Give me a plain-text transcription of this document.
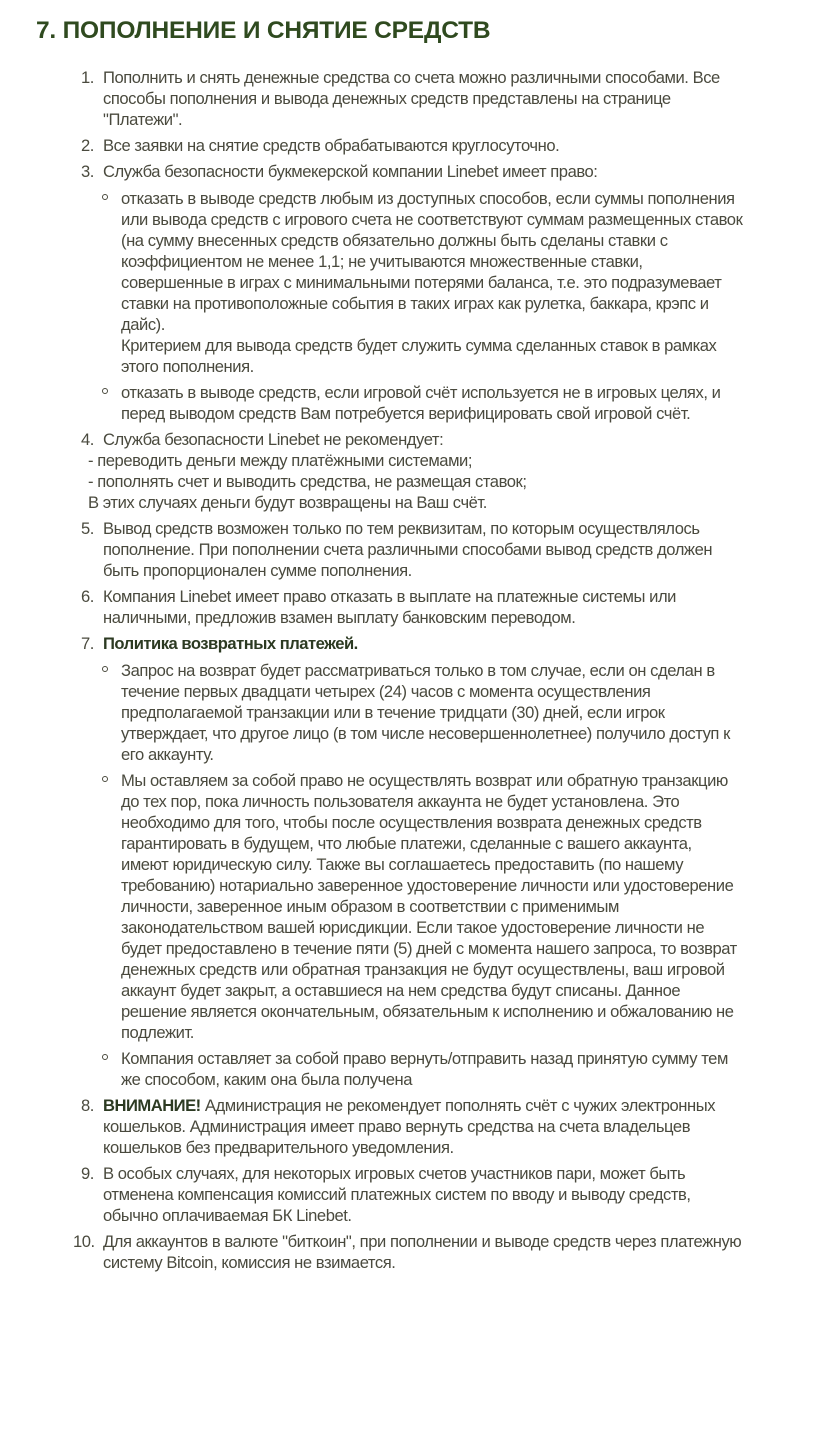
7. ПОПОЛНЕНИЕ И СНЯТИЕ СРЕДСТВ
1. Пополнить и снять денежные средства со счета можно различными способами. Все способы пополнения и вывода денежных средств представлены на странице "Платежи".
2. Все заявки на снятие средств обрабатываются круглосуточно.
3. Служба безопасности букмекерской компании Linebet имеет право:
отказать в выводе средств любым из доступных способов, если суммы пополнения или вывода средств с игрового счета не соответствуют суммам размещенных ставок (на сумму внесенных средств обязательно должны быть сделаны ставки с коэффициентом не менее 1,1; не учитываются множественные ставки, совершенные в играх с минимальными потерями баланса, т.е. это подразумевает ставки на противоположные события в таких играх как рулетка, баккара, крэпс и дайс).
Критерием для вывода средств будет служить сумма сделанных ставок в рамках этого пополнения.
отказать в выводе средств, если игровой счёт используется не в игровых целях, и перед выводом средств Вам потребуется верифицировать свой игровой счёт.
4. Служба безопасности Linebet не рекомендует:
- переводить деньги между платёжными системами;
- пополнять счет и выводить средства, не размещая ставок;
В этих случаях деньги будут возвращены на Ваш счёт.
5. Вывод средств возможен только по тем реквизитам, по которым осуществлялось пополнение. При пополнении счета различными способами вывод средств должен быть пропорционален сумме пополнения.
6. Компания Linebet имеет право отказать в выплате на платежные системы или наличными, предложив взамен выплату банковским переводом.
7. Политика возвратных платежей.
Запрос на возврат будет рассматриваться только в том случае, если он сделан в течение первых двадцати четырех (24) часов с момента осуществления предполагаемой транзакции или в течение тридцати (30) дней, если игрок утверждает, что другое лицо (в том числе несовершеннолетнее) получило доступ к его аккаунту.
Мы оставляем за собой право не осуществлять возврат или обратную транзакцию до тех пор, пока личность пользователя аккаунта не будет установлена. Это необходимо для того, чтобы после осуществления возврата денежных средств гарантировать в будущем, что любые платежи, сделанные с вашего аккаунта, имеют юридическую силу. Также вы соглашаетесь предоставить (по нашему требованию) нотариально заверенное удостоверение личности или удостоверение личности, заверенное иным образом в соответствии с применимым законодательством вашей юрисдикции. Если такое удостоверение личности не будет предоставлено в течение пяти (5) дней с момента нашего запроса, то возврат денежных средств или обратная транзакция не будут осуществлены, ваш игровой аккаунт будет закрыт, а оставшиеся на нем средства будут списаны. Данное решение является окончательным, обязательным к исполнению и обжалованию не подлежит.
Компания оставляет за собой право вернуть/отправить назад принятую сумму тем же способом, каким она была получена
8. ВНИМАНИЕ! Администрация не рекомендует пополнять счёт с чужих электронных кошельков. Администрация имеет право вернуть средства на счета владельцев кошельков без предварительного уведомления.
9. В особых случаях, для некоторых игровых счетов участников пари, может быть отменена компенсация комиссий платежных систем по вводу и выводу средств, обычно оплачиваемая БК Linebet.
10. Для аккаунтов в валюте "биткоин", при пополнении и выводе средств через платежную систему Bitcoin, комиссия не взимается.
